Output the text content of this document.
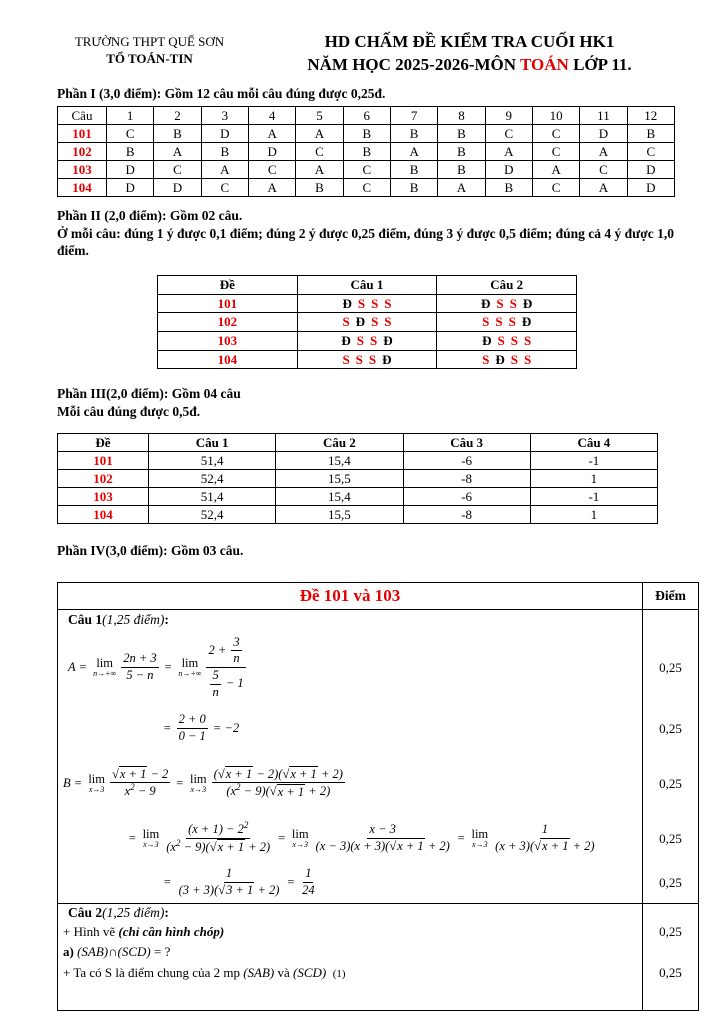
TRƯỜNG THPT QUẾ SƠN
TỔ TOÁN-TIN
HD CHẤM ĐỀ KIỂM TRA CUỐI HK1
NĂM HỌC 2025-2026-MÔN TOÁN LỚP 11.
Phần I (3,0 điểm): Gồm 12 câu mỗi câu đúng được 0,25đ.
Câu	1	2	3	4	5	6	7	8	9	10	11	12
101	C	B	D	A	A	B	B	B	C	C	D	B
102	B	A	B	D	C	B	A	B	A	C	A	C
103	D	C	A	C	A	C	B	B	D	A	C	D
104	D	D	C	A	B	C	B	A	B	C	A	D
Phần II (2,0 điểm): Gồm 02 câu.
Ở mỗi câu: đúng 1 ý được 0,1 điểm; đúng 2 ý được 0,25 điểm, đúng 3 ý được 0,5 điểm; đúng cả 4 ý được 1,0 điểm.
Đề	Câu 1	Câu 2
101	Đ S S S	Đ S S Đ
102	S Đ S S	S S S Đ
103	Đ S S Đ	Đ S S S
104	S S S Đ	S Đ S S
Phần III(2,0 điểm): Gồm 04 câu
Mỗi câu đúng được 0,5đ.
Đề	Câu 1	Câu 2	Câu 3	Câu 4
101	51,4	15,4	-6	-1
102	52,4	15,5	-8	1
103	51,4	15,4	-6	-1
104	52,4	15,5	-8	1
Phần IV(3,0 điểm): Gồm 03 câu.
Đề 101 và 103	Điểm
Câu 1(1,25 điểm):
A = lim
$n\to+\infty \frac{2n + 3}{5 - n} = \lim$
$n\to+\infty \frac{2 + \frac{3}{n}}{\frac{5}{n} - 1}$	0,25
= $\frac{2 + 0}{0 - 1} = -2$	0,25
B = lim
$x\to 3 \frac{√x + 1 - 2}{x^2 - 9} = \lim$
$x\to 3 \frac{(√x + 1 - 2)(√x + 1 + 2)}{(x^2 - 9)(√x + 1 + 2)}$	0,25
= lim
$x\to 3 \frac{(x + 1) - 2^2}{(x^2 - 9)(√x + 1 + 2)} = \lim$
$x\to 3 \frac{x - 3}{(x - 3)(x + 3)(√x + 1 + 2)} = \lim$
$x\to 3 \frac{1}{(x + 3)(√x + 1 + 2)}$	0,25
= $\frac{1}{(3 + 3)(√3 + 1 + 2)} = \frac{1}{24}$	0,25
Câu 2(1,25 điểm):
+ Hình vẽ (chỉ cần hình chóp)	0,25
a) (SAB)∩(SCD) = ?
+ Ta có S là điểm chung của 2 mp (SAB) và (SCD) (1)	0,25
